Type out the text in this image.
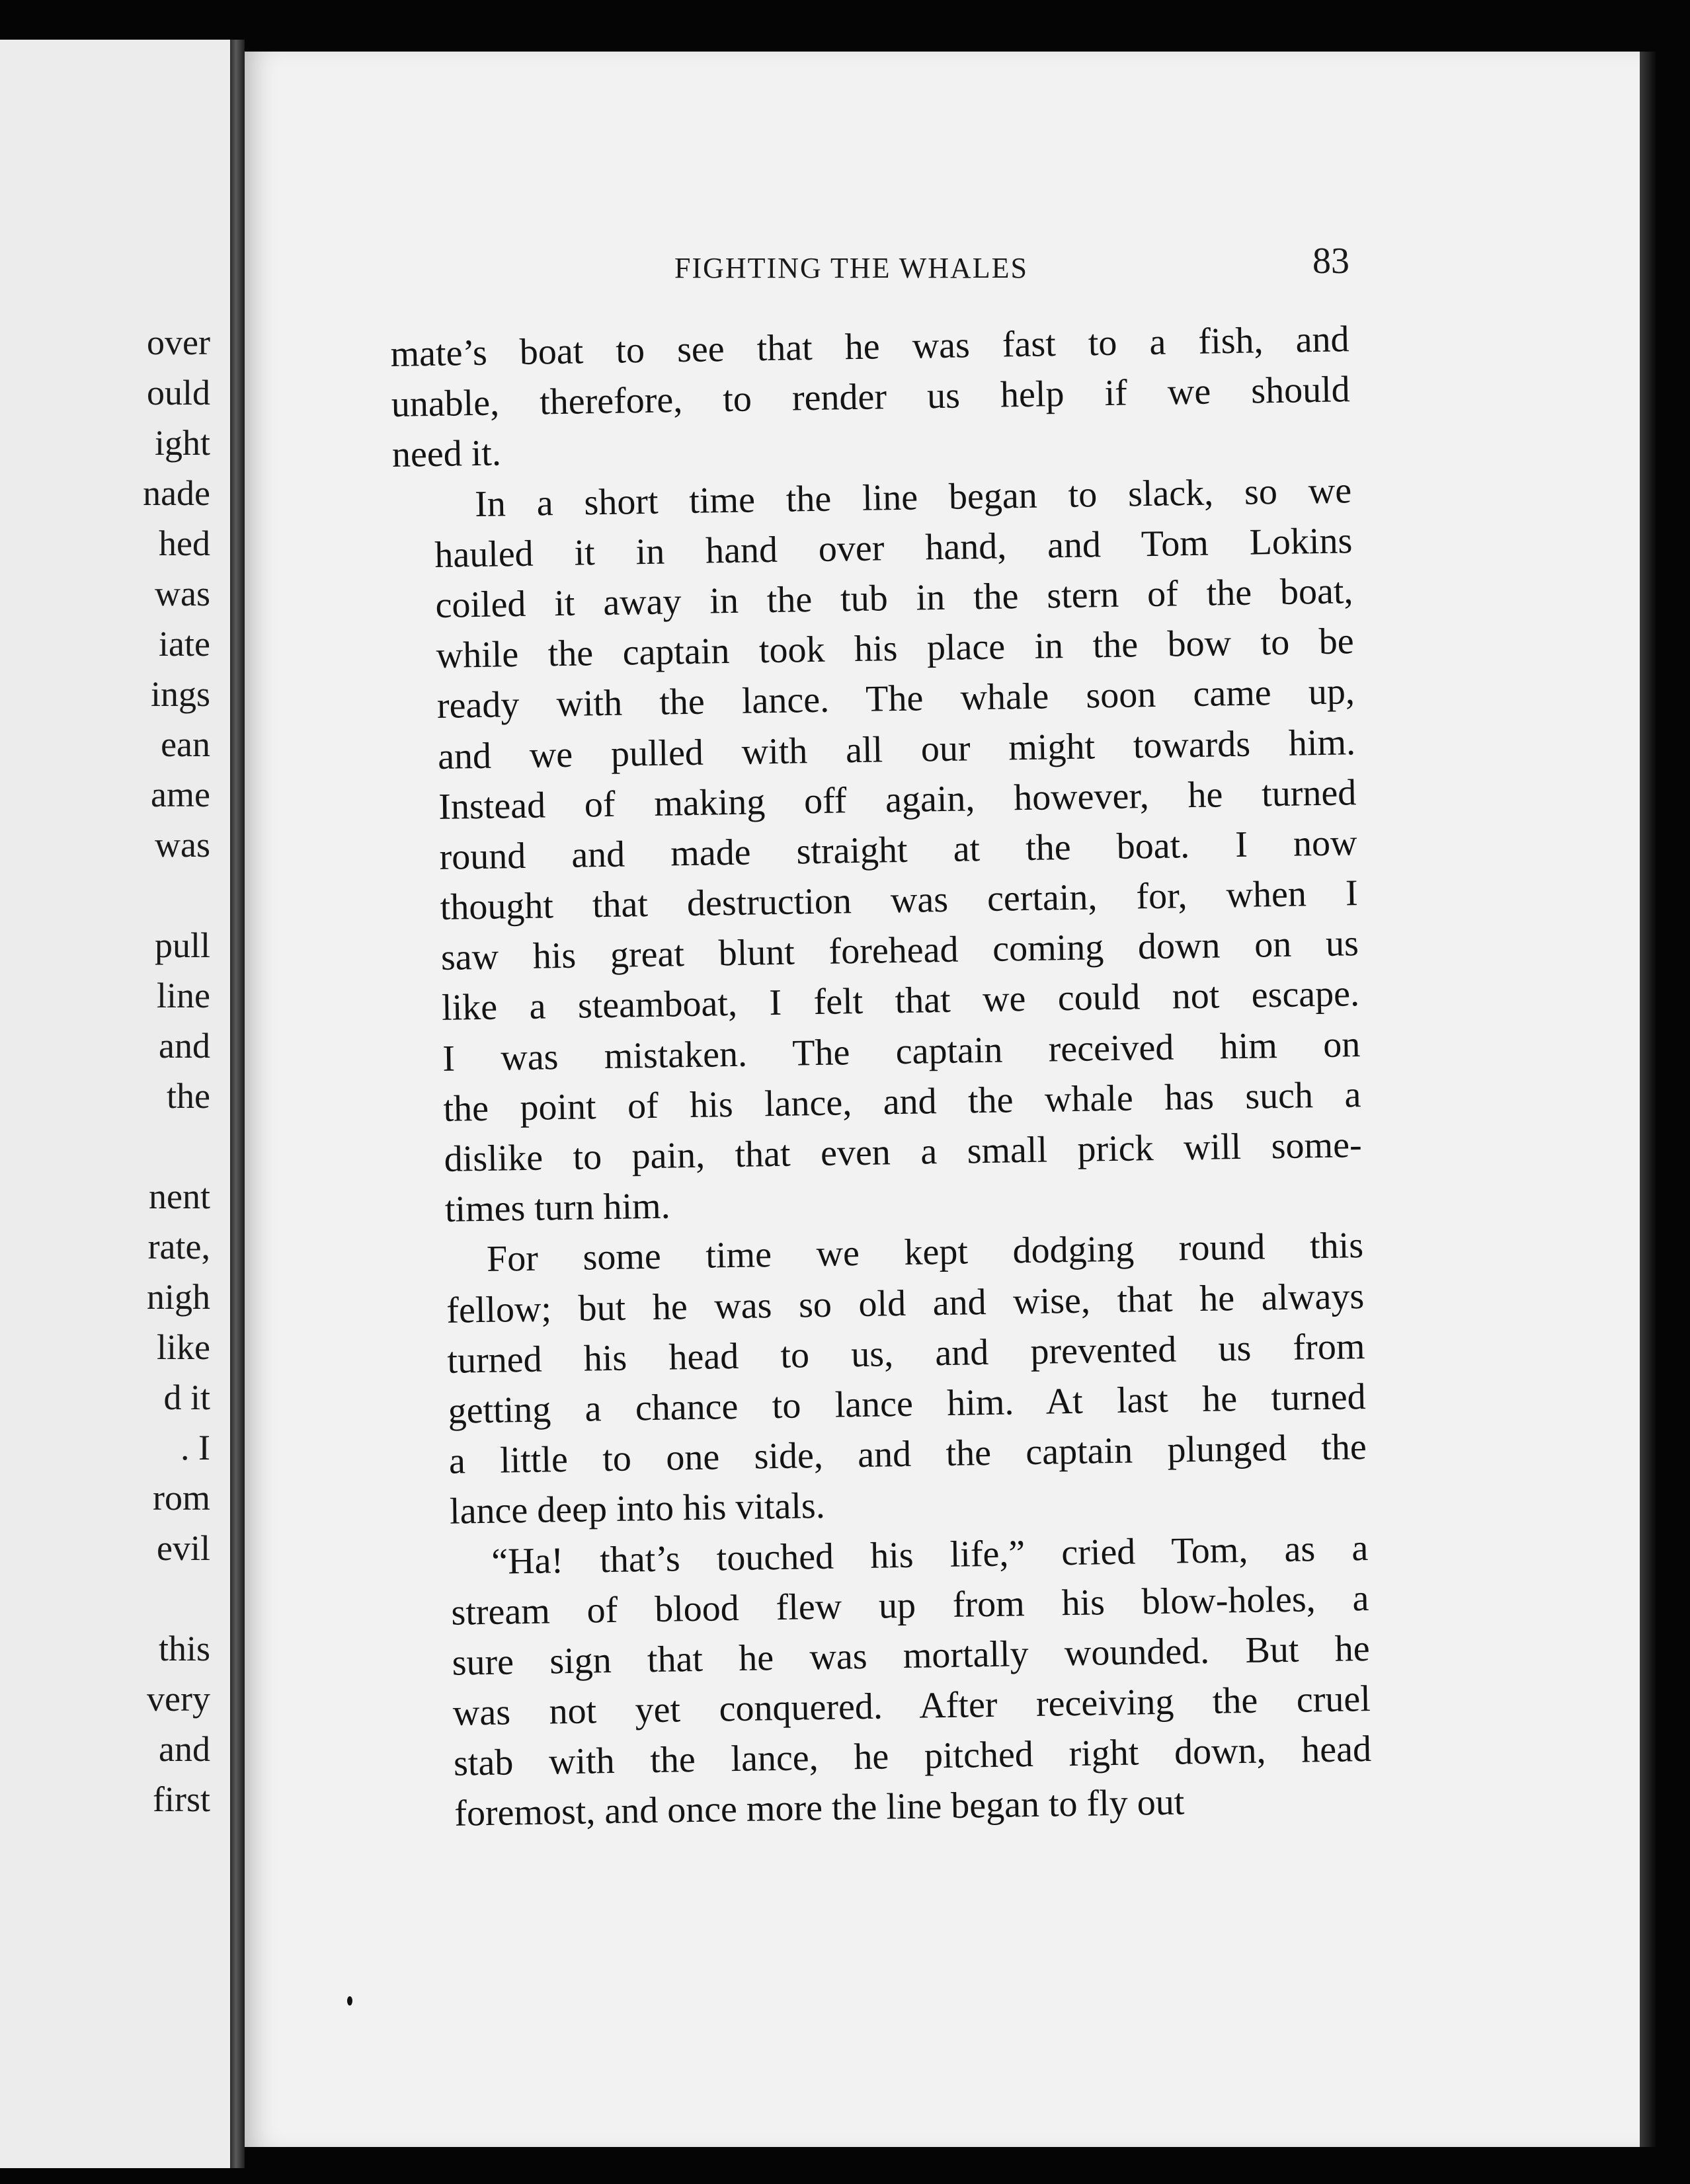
over
ould
ight
nade
hed
was
iate
ings
ean
ame
was
pull
line
and
the
nent
rate,
nigh
like
d it
. I
rom
evil
this
very
and
first
FIGHTING THE WHALES	83
mate’s boat to see that he was fast to a fish, and
unable, therefore, to render us help if we should
need it.
In a short time the line began to slack, so we
hauled it in hand over hand, and Tom Lokins
coiled it away in the tub in the stern of the boat,
while the captain took his place in the bow to be
ready with the lance. The whale soon came up,
and we pulled with all our might towards him.
Instead of making off again, however, he turned
round and made straight at the boat. I now
thought that destruction was certain, for, when I
saw his great blunt forehead coming down on us
like a steamboat, I felt that we could not escape.
I was mistaken. The captain received him on
the point of his lance, and the whale has such a
dislike to pain, that even a small prick will some-
times turn him.
For some time we kept dodging round this
fellow; but he was so old and wise, that he always
turned his head to us, and prevented us from
getting a chance to lance him. At last he turned
a little to one side, and the captain plunged the
lance deep into his vitals.
“Ha! that’s touched his life,” cried Tom, as a
stream of blood flew up from his blow-holes, a
sure sign that he was mortally wounded. But he
was not yet conquered. After receiving the cruel
stab with the lance, he pitched right down, head
foremost, and once more the line began to fly out
